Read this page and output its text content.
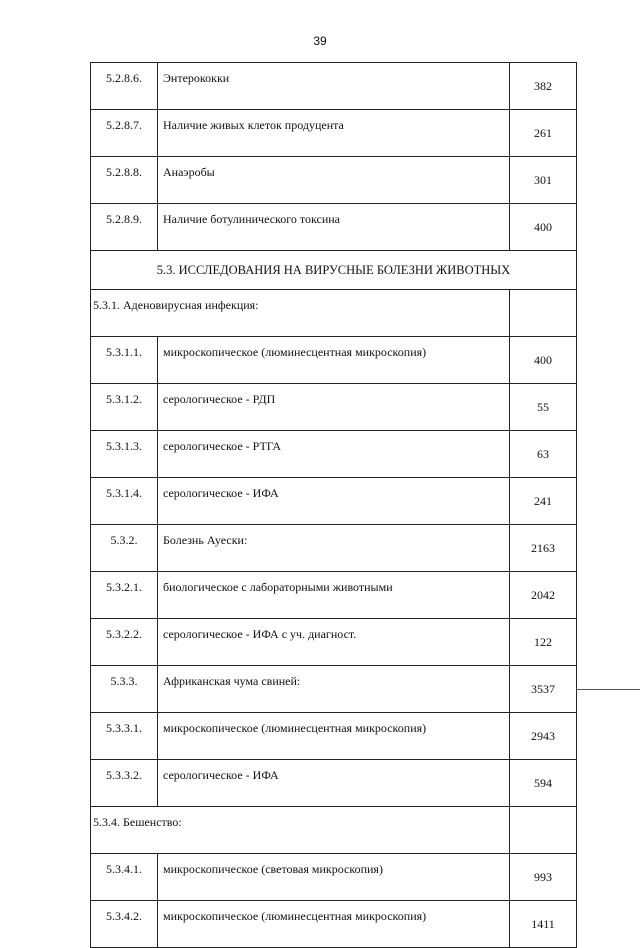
39
5.2.8.6.	Энтерококки	382
5.2.8.7.	Наличие живых клеток продуцента	261
5.2.8.8.	Анаэробы	301
5.2.8.9.	Наличие ботулинического токсина	400
5.3. ИССЛЕДОВАНИЯ НА ВИРУСНЫЕ БОЛЕЗНИ ЖИВОТНЫХ		
5.3.1. Аденовирусная инфекция:		
5.3.1.1.	микроскопическое (люминесцентная микроскопия)	400
5.3.1.2.	серологическое - РДП	55
5.3.1.3.	серологическое - РТГА	63
5.3.1.4.	серологическое - ИФА	241
5.3.2.	Болезнь Ауески:	2163
5.3.2.1.	биологическое с лабораторными животными	2042
5.3.2.2.	серологическое - ИФА с уч. диагност.	122
5.3.3.	Африканская чума свиней:	3537
5.3.3.1.	микроскопическое (люминесцентная микроскопия)	2943
5.3.3.2.	серологическое - ИФА	594
5.3.4. Бешенство:		
5.3.4.1.	микроскопическое (световая микроскопия)	993
5.3.4.2.	микроскопическое (люминесцентная микроскопия)	1411
